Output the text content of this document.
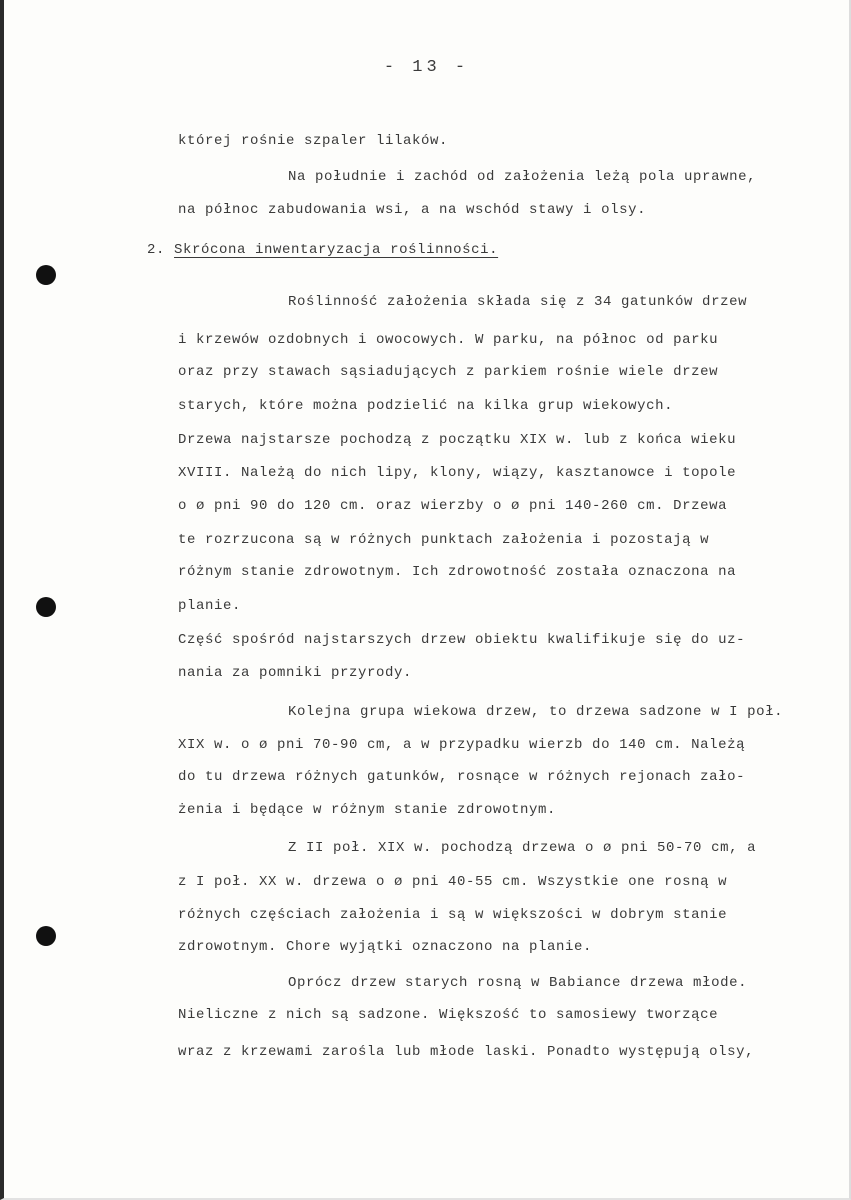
- 13 -
której rośnie szpaler lilaków.
Na południe i zachód od założenia leżą pola uprawne,
na północ zabudowania wsi, a na wschód stawy i olsy.
2. Skrócona inwentaryzacja roślinności.
Roślinność założenia składa się z 34 gatunków drzew
i krzewów ozdobnych i owocowych. W parku, na północ od parku
oraz przy stawach sąsiadujących z parkiem rośnie wiele drzew
starych, które można podzielić na kilka grup wiekowych.
Drzewa najstarsze pochodzą z początku XIX w. lub z końca wieku
XVIII. Należą do nich lipy, klony, wiązy, kasztanowce i topole
o ø pni 90 do 120 cm. oraz wierzby o ø pni 140-260 cm. Drzewa
te rozrzucona są w różnych punktach założenia i pozostają w
różnym stanie zdrowotnym. Ich zdrowotność została oznaczona na
planie.
Część spośród najstarszych drzew obiektu kwalifikuje się do uz-
nania za pomniki przyrody.
Kolejna grupa wiekowa drzew, to drzewa sadzone w I poł.
XIX w. o ø pni 70-90 cm, a w przypadku wierzb do 140 cm. Należą
do tu drzewa różnych gatunków, rosnące w różnych rejonach zało-
żenia i będące w różnym stanie zdrowotnym.
Z II poł. XIX w. pochodzą drzewa o ø pni 50-70 cm, a
z I poł. XX w. drzewa o ø pni 40-55 cm. Wszystkie one rosną w
różnych częściach założenia i są w większości w dobrym stanie
zdrowotnym. Chore wyjątki oznaczono na planie.
Oprócz drzew starych rosną w Babiance drzewa młode.
Nieliczne z nich są sadzone. Większość to samosiewy tworzące
wraz z krzewami zarośla lub młode laski. Ponadto występują olsy,
